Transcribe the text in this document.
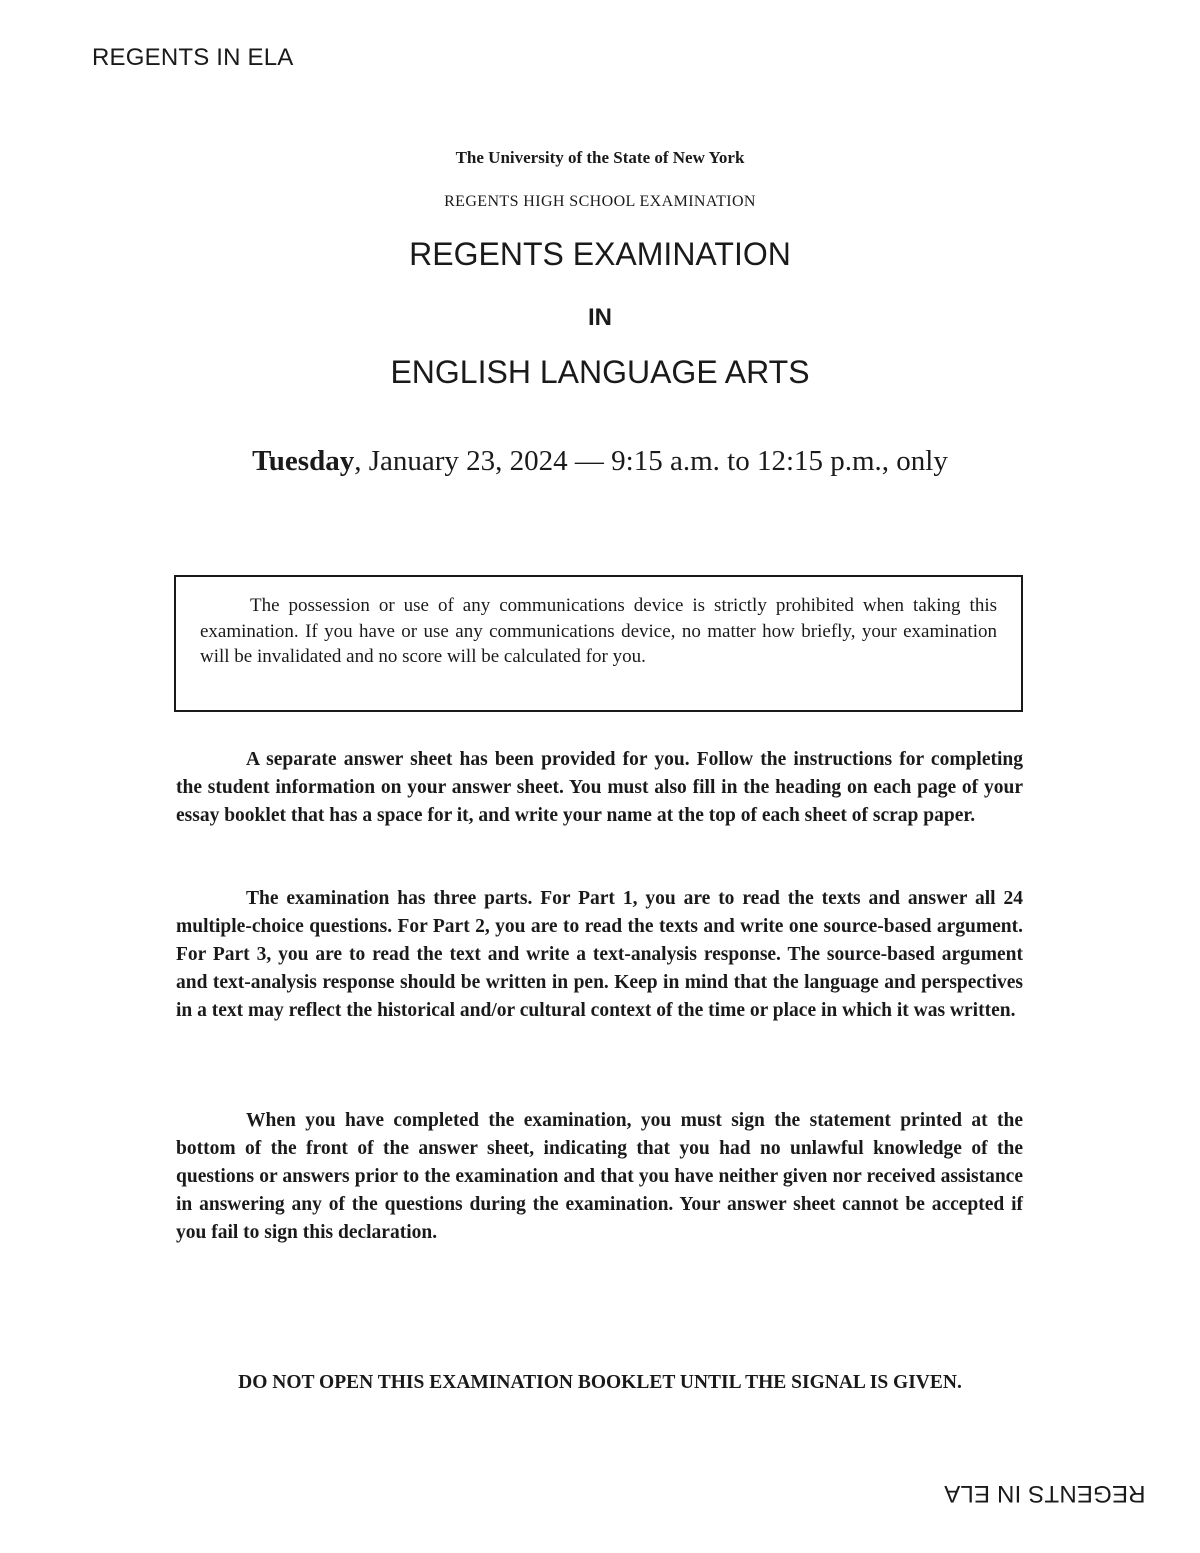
REGENTS IN ELA
The University of the State of New York
REGENTS HIGH SCHOOL EXAMINATION
REGENTS EXAMINATION
IN
ENGLISH LANGUAGE ARTS
Tuesday, January 23, 2024 — 9:15 a.m. to 12:15 p.m., only

The possession or use of any communications device is strictly prohibited when taking this examination. If you have or use any communications device, no matter how briefly, your examination will be invalidated and no score will be calculated for you.

A separate answer sheet has been provided for you. Follow the instructions for completing the student information on your answer sheet. You must also fill in the heading on each page of your essay booklet that has a space for it, and write your name at the top of each sheet of scrap paper.

The examination has three parts. For Part 1, you are to read the texts and answer all 24 multiple-choice questions. For Part 2, you are to read the texts and write one source-based argument. For Part 3, you are to read the text and write a text-analysis response. The source-based argument and text-analysis response should be written in pen. Keep in mind that the language and perspectives in a text may reflect the historical and/or cultural context of the time or place in which it was written.

When you have completed the examination, you must sign the statement printed at the bottom of the front of the answer sheet, indicating that you had no unlawful knowledge of the questions or answers prior to the examination and that you have neither given nor received assistance in answering any of the questions during the examination. Your answer sheet cannot be accepted if you fail to sign this declaration.

DO NOT OPEN THIS EXAMINATION BOOKLET UNTIL THE SIGNAL IS GIVEN.
REGENTS IN ELA
